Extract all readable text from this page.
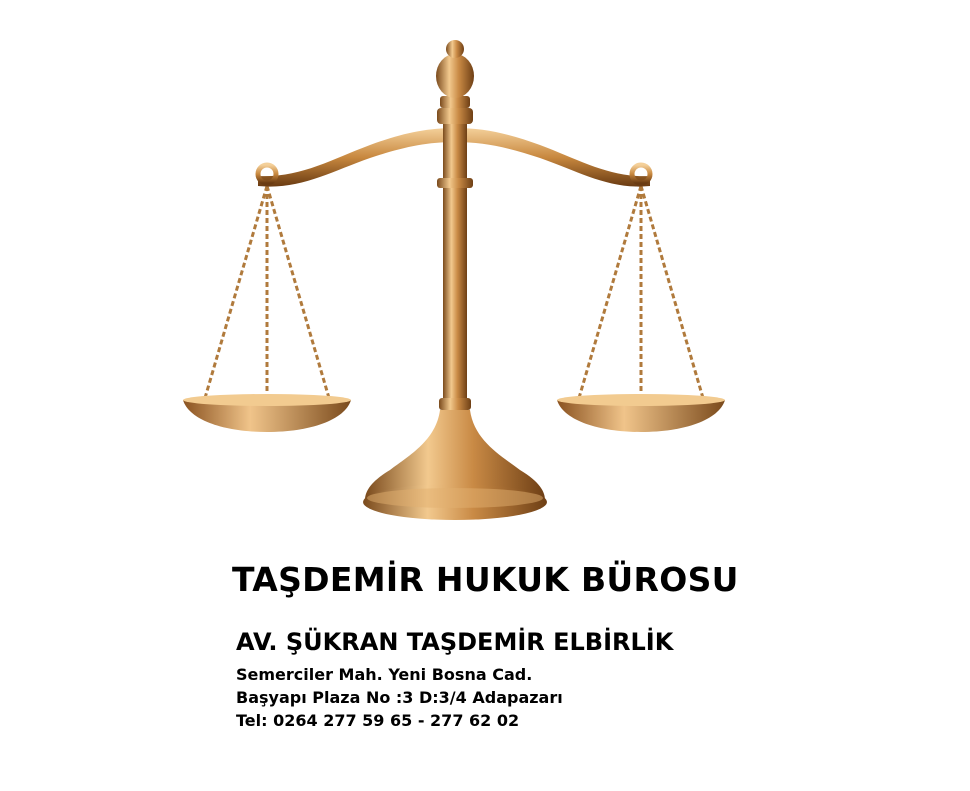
TAŞDEMİR HUKUK BÜROSU
AV. ŞÜKRAN TAŞDEMİR ELBİRLİK
Semerciler Mah. Yeni Bosna Cad.
Başyapı Plaza No :3 D:3/4 Adapazarı
Tel: 0264 277 59 65 - 277 62 02
